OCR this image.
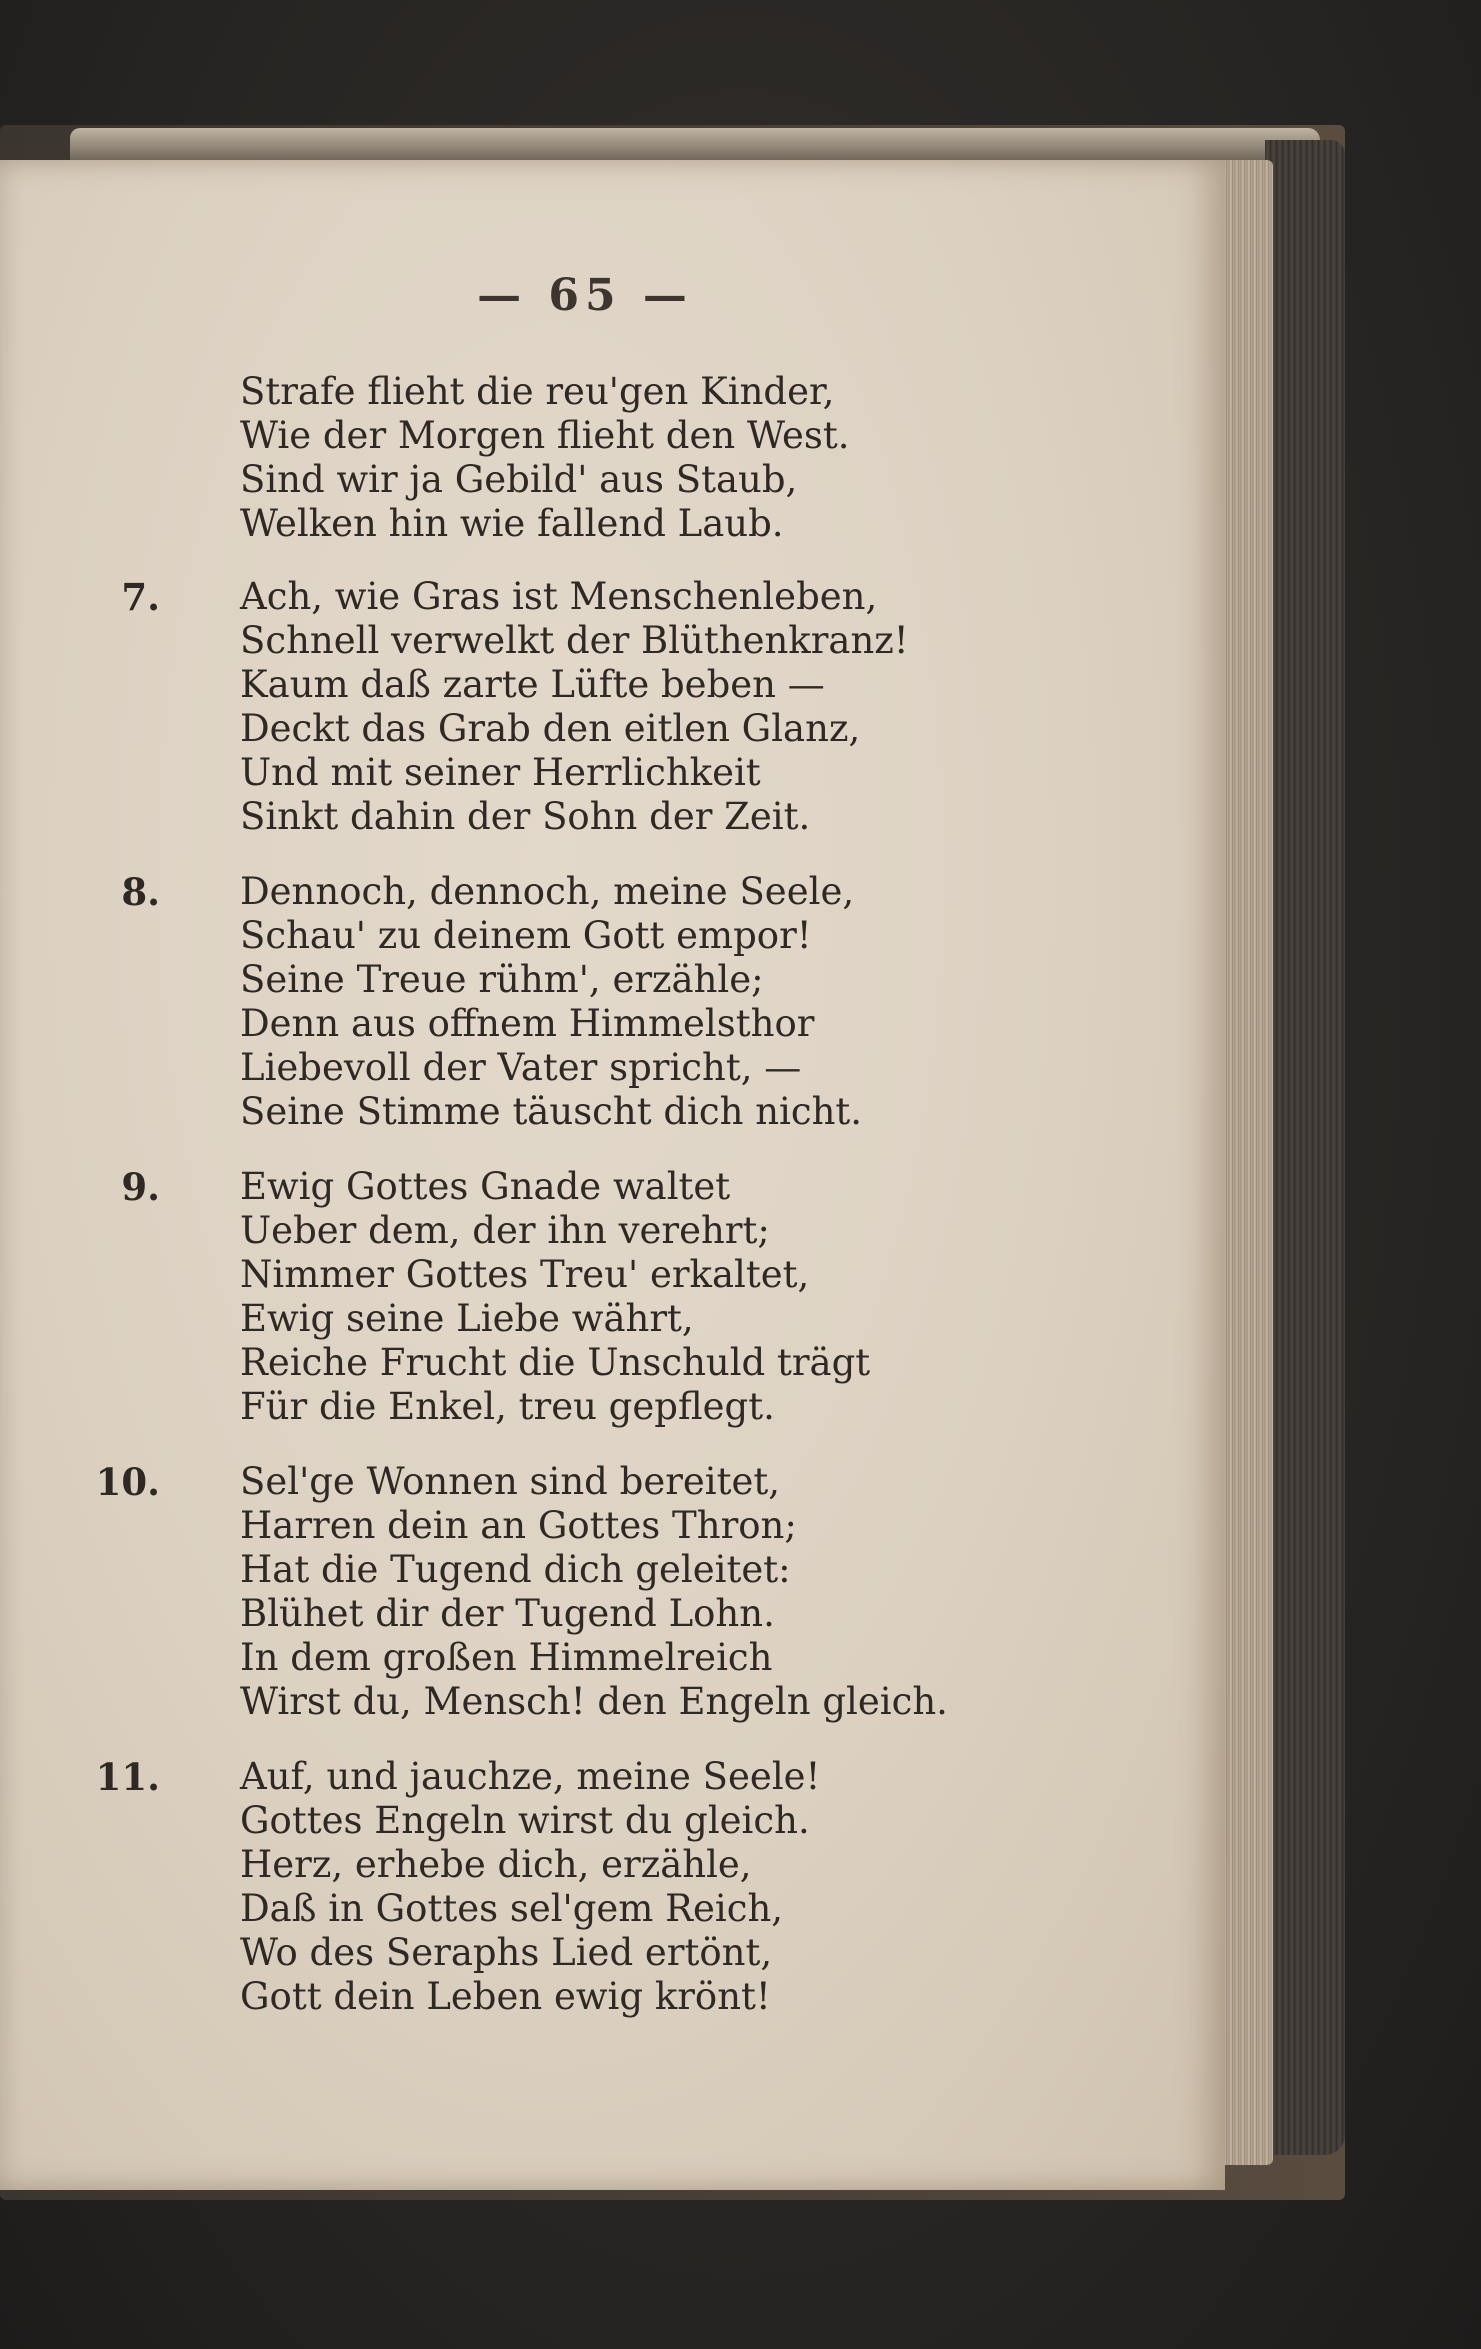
— 65 —
Strafe flieht die reu'gen Kinder,
Wie der Morgen flieht den West.
Sind wir ja Gebild' aus Staub,
Welken hin wie fallend Laub.
7. Ach, wie Gras ist Menschenleben,
Schnell verwelkt der Blüthenkranz!
Kaum daß zarte Lüfte beben —
Deckt das Grab den eitlen Glanz,
Und mit seiner Herrlichkeit
Sinkt dahin der Sohn der Zeit.
8. Dennoch, dennoch, meine Seele,
Schau' zu deinem Gott empor!
Seine Treue rühm', erzähle;
Denn aus offnem Himmelsthor
Liebevoll der Vater spricht, —
Seine Stimme täuscht dich nicht.
9. Ewig Gottes Gnade waltet
Ueber dem, der ihn verehrt;
Nimmer Gottes Treu' erkaltet,
Ewig seine Liebe währt,
Reiche Frucht die Unschuld trägt
Für die Enkel, treu gepflegt.
10. Sel'ge Wonnen sind bereitet,
Harren dein an Gottes Thron;
Hat die Tugend dich geleitet:
Blühet dir der Tugend Lohn.
In dem großen Himmelreich
Wirst du, Mensch! den Engeln gleich.
11. Auf, und jauchze, meine Seele!
Gottes Engeln wirst du gleich.
Herz, erhebe dich, erzähle,
Daß in Gottes sel'gem Reich,
Wo des Seraphs Lied ertönt,
Gott dein Leben ewig krönt!
